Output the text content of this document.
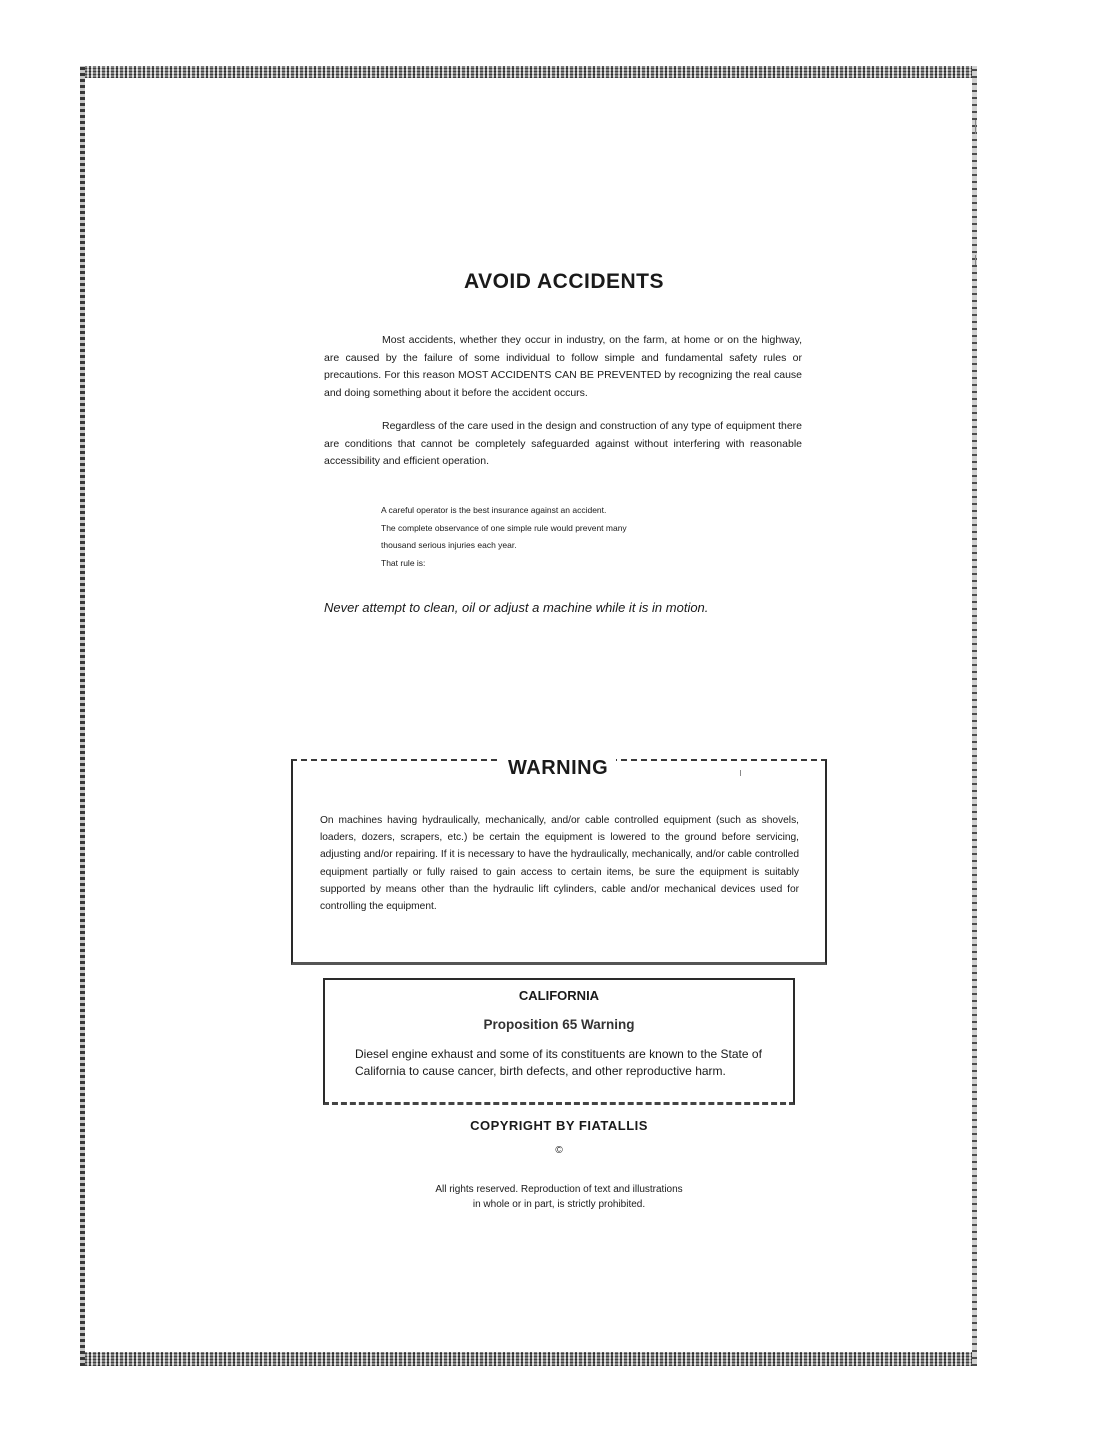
AVOID ACCIDENTS

Most accidents, whether they occur in industry, on the farm, at home or on the highway, are caused by the failure of some individual to follow simple and fundamental safety rules or precautions. For this reason MOST ACCIDENTS CAN BE PREVENTED by recognizing the real cause and doing something about it before the accident occurs.

Regardless of the care used in the design and construction of any type of equipment there are conditions that cannot be completely safeguarded against without interfering with reasonable accessibility and efficient operation.

A careful operator is the best insurance against an accident.
The complete observance of one simple rule would prevent many
thousand serious injuries each year.
That rule is:

Never attempt to clean, oil or adjust a machine while it is in motion.

WARNING

On machines having hydraulically, mechanically, and/or cable controlled equipment (such as shovels, loaders, dozers, scrapers, etc.) be certain the equipment is lowered to the ground before servicing, adjusting and/or repairing. If it is necessary to have the hydraulically, mechanically, and/or cable controlled equipment partially or fully raised to gain access to certain items, be sure the equipment is suitably supported by means other than the hydraulic lift cylinders, cable and/or mechanical devices used for controlling the equipment.

CALIFORNIA
Proposition 65 Warning

Diesel engine exhaust and some of its constituents are known to the State of California to cause cancer, birth defects, and other reproductive harm.

COPYRIGHT BY FIATALLIS

©

All rights reserved. Reproduction of text and illustrations
in whole or in part, is strictly prohibited.
